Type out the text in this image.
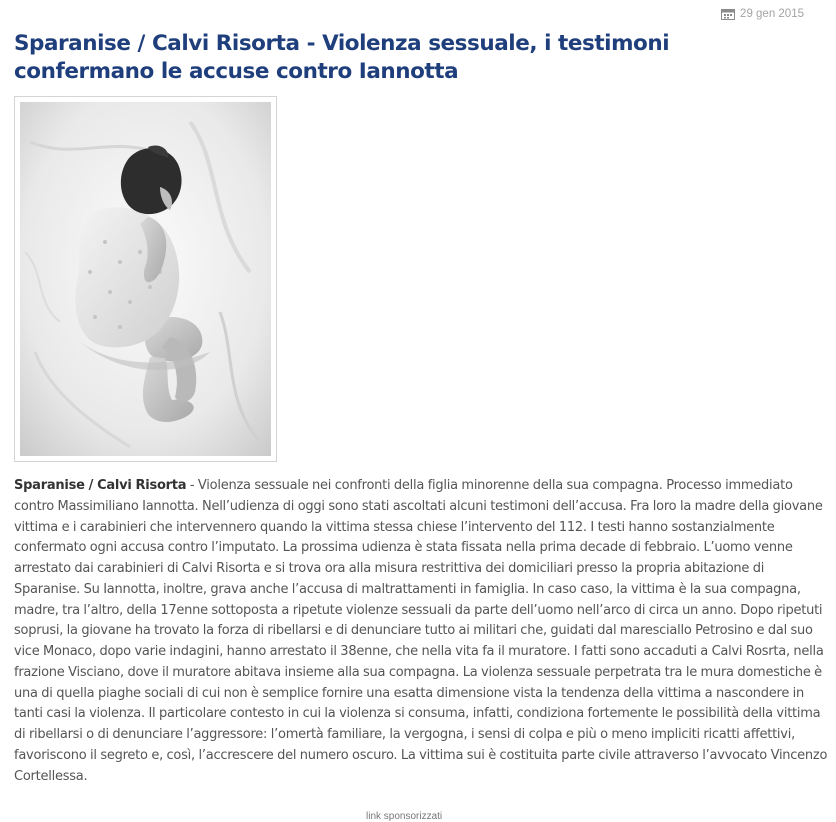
29 gen 2015
Sparanise / Calvi Risorta - Violenza sessuale, i testimoni confermano le accuse contro Iannotta

Sparanise / Calvi Risorta - Violenza sessuale nei confronti della figlia minorenne della sua compagna. Processo immediato contro Massimiliano Iannotta. Nell’udienza di oggi sono stati ascoltati alcuni testimoni dell’accusa. Fra loro la madre della giovane vittima e i carabinieri che intervennero quando la vittima stessa chiese l’intervento del 112. I testi hanno sostanzialmente confermato ogni accusa contro l’imputato. La prossima udienza è stata fissata nella prima decade di febbraio. L’uomo venne arrestato dai carabinieri di Calvi Risorta e si trova ora alla misura restrittiva dei domiciliari presso la propria abitazione di Sparanise. Su Iannotta, inoltre, grava anche l’accusa di maltrattamenti in famiglia. In caso caso, la vittima è la sua compagna, madre, tra l’altro, della 17enne sottoposta a ripetute violenze sessuali da parte dell’uomo nell’arco di circa un anno. Dopo ripetuti soprusi, la giovane ha trovato la forza di ribellarsi e di denunciare tutto ai militari che, guidati dal maresciallo Petrosino e dal suo vice Monaco, dopo varie indagini, hanno arrestato il 38enne, che nella vita fa il muratore. I fatti sono accaduti a Calvi Rosrta, nella frazione Visciano, dove il muratore abitava insieme alla sua compagna. La violenza sessuale perpetrata tra le mura domestiche è una di quella piaghe sociali di cui non è semplice fornire una esatta dimensione vista la tendenza della vittima a nascondere in tanti casi la violenza. Il particolare contesto in cui la violenza si consuma, infatti, condiziona fortemente le possibilità della vittima di ribellarsi o di denunciare l’aggressore: l’omertà familiare, la vergogna, i sensi di colpa e più o meno impliciti ricatti affettivi, favoriscono il segreto e, così, l’accrescere del numero oscuro. La vittima sui è costituita parte civile attraverso l’avvocato Vincenzo Cortellessa.

link sponsorizzati
